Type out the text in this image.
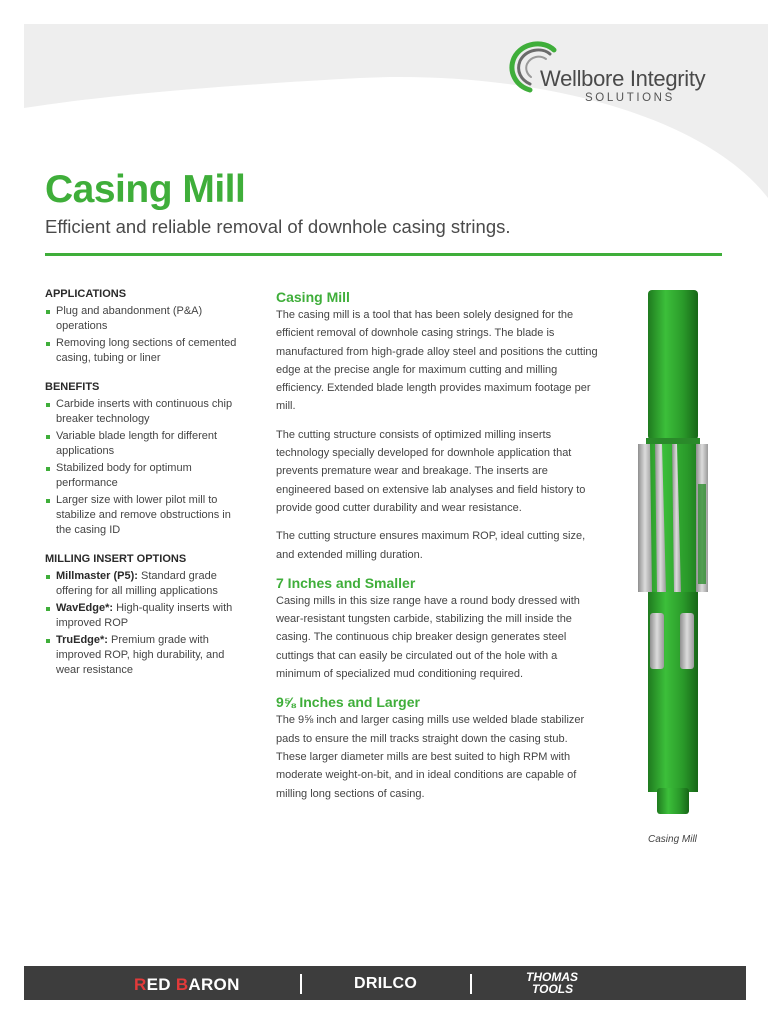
Wellbore Integrity
SOLUTIONS
Casing Mill
Efficient and reliable removal of downhole casing strings.
APPLICATIONS
Plug and abandonment (P&A) operations
Removing long sections of cemented casing, tubing or liner
BENEFITS
Carbide inserts with continuous chip breaker technology
Variable blade length for different applications
Stabilized body for optimum performance
Larger size with lower pilot mill to stabilize and remove obstructions in the casing ID
MILLING INSERT OPTIONS
Millmaster (P5): Standard grade offering for all milling applications
WavEdge*: High-quality inserts with improved ROP
TruEdge*: Premium grade with improved ROP, high durability, and wear resistance
Casing Mill

The casing mill is a tool that has been solely designed for the efficient removal of downhole casing strings. The blade is manufactured from high-grade alloy steel and positions the cutting edge at the precise angle for maximum cutting and milling efficiency. Extended blade length provides maximum footage per mill.

The cutting structure consists of optimized milling inserts technology specially developed for downhole application that prevents premature wear and breakage. The inserts are engineered based on extensive lab analyses and field history to provide good cutter durability and wear resistance.

The cutting structure ensures maximum ROP, ideal cutting size, and extended milling duration.

7 Inches and Smaller

Casing mills in this size range have a round body dressed with wear-resistant tungsten carbide, stabilizing the mill inside the casing. The continuous chip breaker design generates steel cuttings that can easily be circulated out of the hole with a minimum of specialized mud conditioning required.

9⅝ Inches and Larger

The 9⅝ inch and larger casing mills use welded blade stabilizer pads to ensure the mill tracks straight down the casing stub. These larger diameter mills are best suited to high RPM with moderate weight-on-bit, and in ideal conditions are capable of milling long sections of casing.

Casing Mill
RED BARON	DRILCO	THOMAS
TOOLS
